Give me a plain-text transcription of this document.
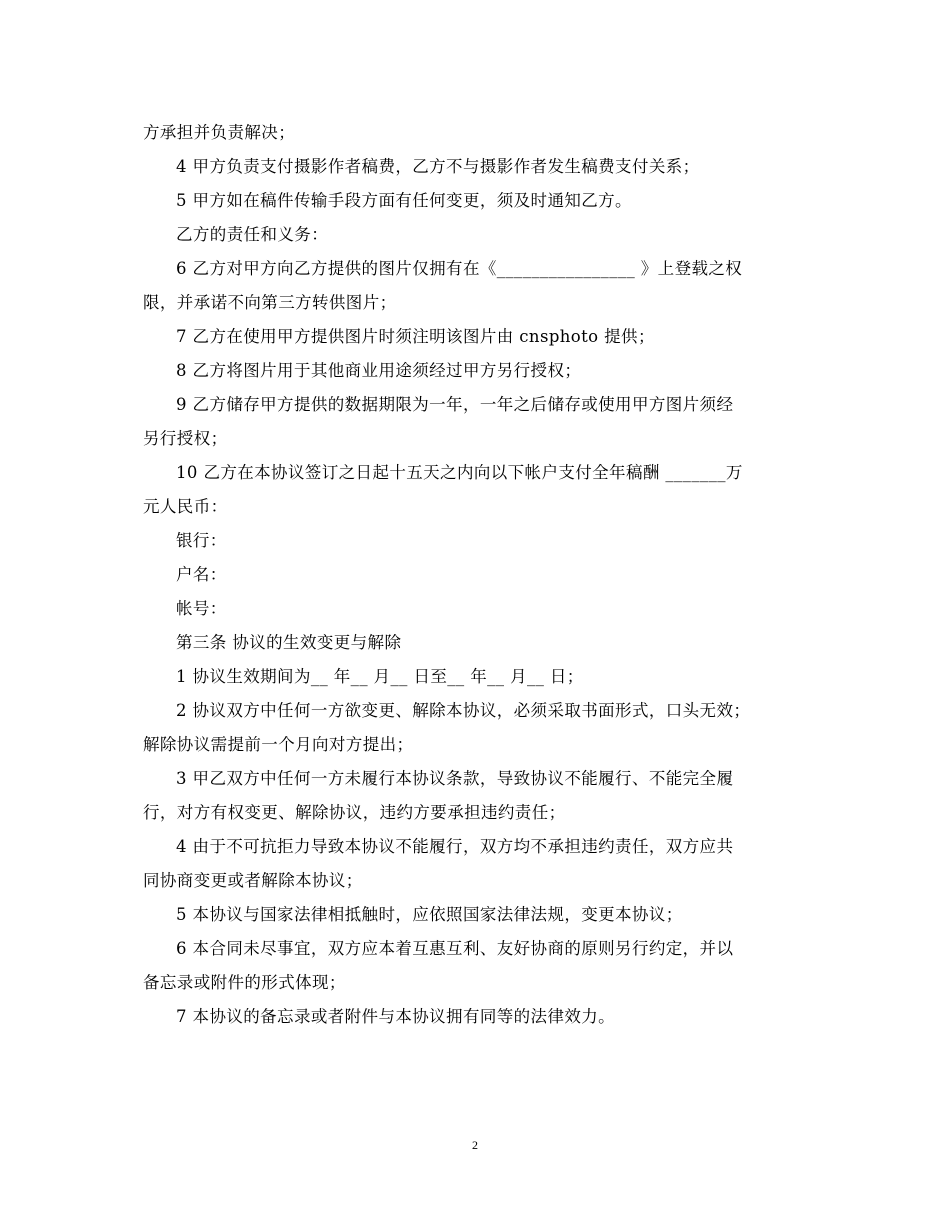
方承担并负责解决；

4 甲方负责支付摄影作者稿费，乙方不与摄影作者发生稿费支付关系；

5 甲方如在稿件传输手段方面有任何变更，须及时通知乙方。

乙方的责任和义务：

6 乙方对甲方向乙方提供的图片仅拥有在《________________ 》上登载之权

限，并承诺不向第三方转供图片；

7 乙方在使用甲方提供图片时须注明该图片由 cnsphoto 提供；

8 乙方将图片用于其他商业用途须经过甲方另行授权；

9 乙方储存甲方提供的数据期限为一年，一年之后储存或使用甲方图片须经

另行授权；

10 乙方在本协议签订之日起十五天之内向以下帐户支付全年稿酬 _______万

元人民币：

银行：

户名：

帐号：

第三条 协议的生效变更与解除

1 协议生效期间为__ 年__ 月__ 日至__ 年__ 月__ 日；

2 协议双方中任何一方欲变更、解除本协议，必须采取书面形式，口头无效；

解除协议需提前一个月向对方提出；

3 甲乙双方中任何一方未履行本协议条款，导致协议不能履行、不能完全履

行，对方有权变更、解除协议，违约方要承担违约责任；

4 由于不可抗拒力导致本协议不能履行，双方均不承担违约责任，双方应共

同协商变更或者解除本协议；

5 本协议与国家法律相抵触时，应依照国家法律法规，变更本协议；

6 本合同未尽事宜，双方应本着互惠互利、友好协商的原则另行约定，并以

备忘录或附件的形式体现；

7 本协议的备忘录或者附件与本协议拥有同等的法律效力。

2
